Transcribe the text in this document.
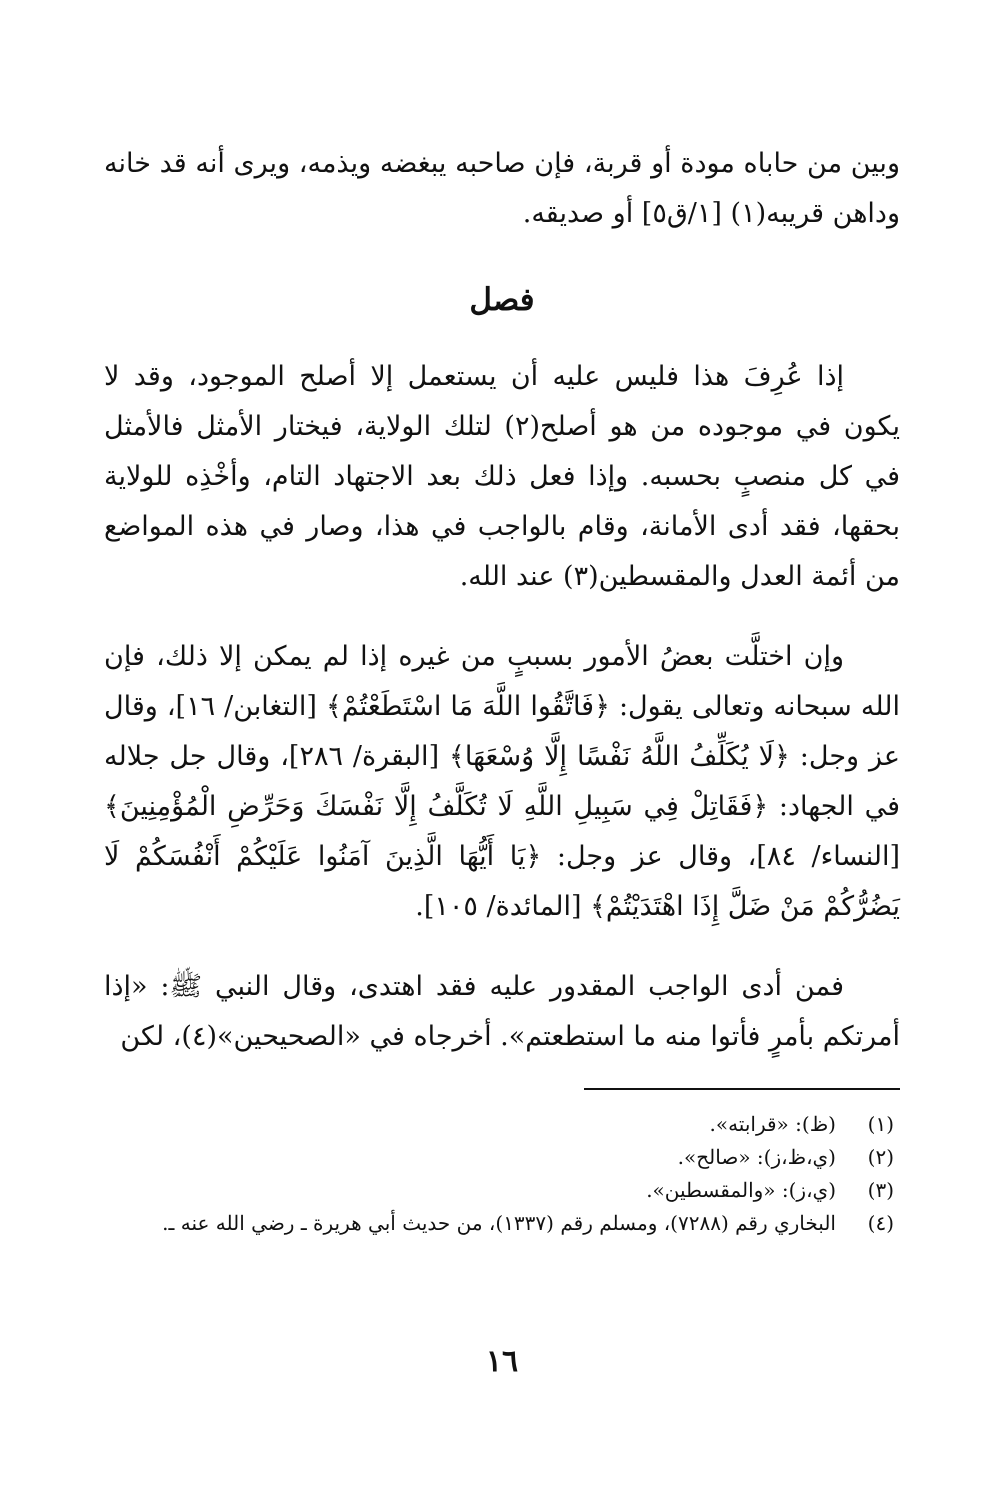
وبين من حاباه مودة أو قربة، فإن صاحبه يبغضه ويذمه، ويرى أنه قد خانه وداهن قريبه(١) [١/ق٥] أو صديقه.
فصل
إذا عُرِفَ هذا فليس عليه أن يستعمل إلا أصلح الموجود، وقد لا يكون في موجوده من هو أصلح(٢) لتلك الولاية، فيختار الأمثل فالأمثل في كل منصبٍ بحسبه. وإذا فعل ذلك بعد الاجتهاد التام، وأخْذِه للولاية بحقها، فقد أدى الأمانة، وقام بالواجب في هذا، وصار في هذه المواضع من أئمة العدل والمقسطين(٣) عند الله.
وإن اختلَّت بعضُ الأمور بسببٍ من غيره إذا لم يمكن إلا ذلك، فإن الله سبحانه وتعالى يقول: ﴿فَاتَّقُوا اللَّهَ مَا اسْتَطَعْتُمْ﴾ [التغابن/ ١٦]، وقال عز وجل: ﴿لَا يُكَلِّفُ اللَّهُ نَفْسًا إِلَّا وُسْعَهَا﴾ [البقرة/ ٢٨٦]، وقال جل جلاله في الجهاد: ﴿فَقَاتِلْ فِي سَبِيلِ اللَّهِ لَا تُكَلَّفُ إِلَّا نَفْسَكَ وَحَرِّضِ الْمُؤْمِنِينَ﴾ [النساء/ ٨٤]، وقال عز وجل: ﴿يَا أَيُّهَا الَّذِينَ آمَنُوا عَلَيْكُمْ أَنْفُسَكُمْ لَا يَضُرُّكُمْ مَنْ ضَلَّ إِذَا اهْتَدَيْتُمْ﴾ [المائدة/ ١٠٥].
فمن أدى الواجب المقدور عليه فقد اهتدى، وقال النبي ﷺ: «إذا أمرتكم بأمرٍ فأتوا منه ما استطعتم». أخرجاه في «الصحيحين»(٤)، لكن
(١)
(ظ): «قرابته».
(٢)
(ي،ظ،ز): «صالح».
(٣)
(ي،ز): «والمقسطين».
(٤)
البخاري رقم (٧٢٨٨)، ومسلم رقم (١٣٣٧)، من حديث أبي هريرة ـ رضي الله عنه ـ.
١٦
